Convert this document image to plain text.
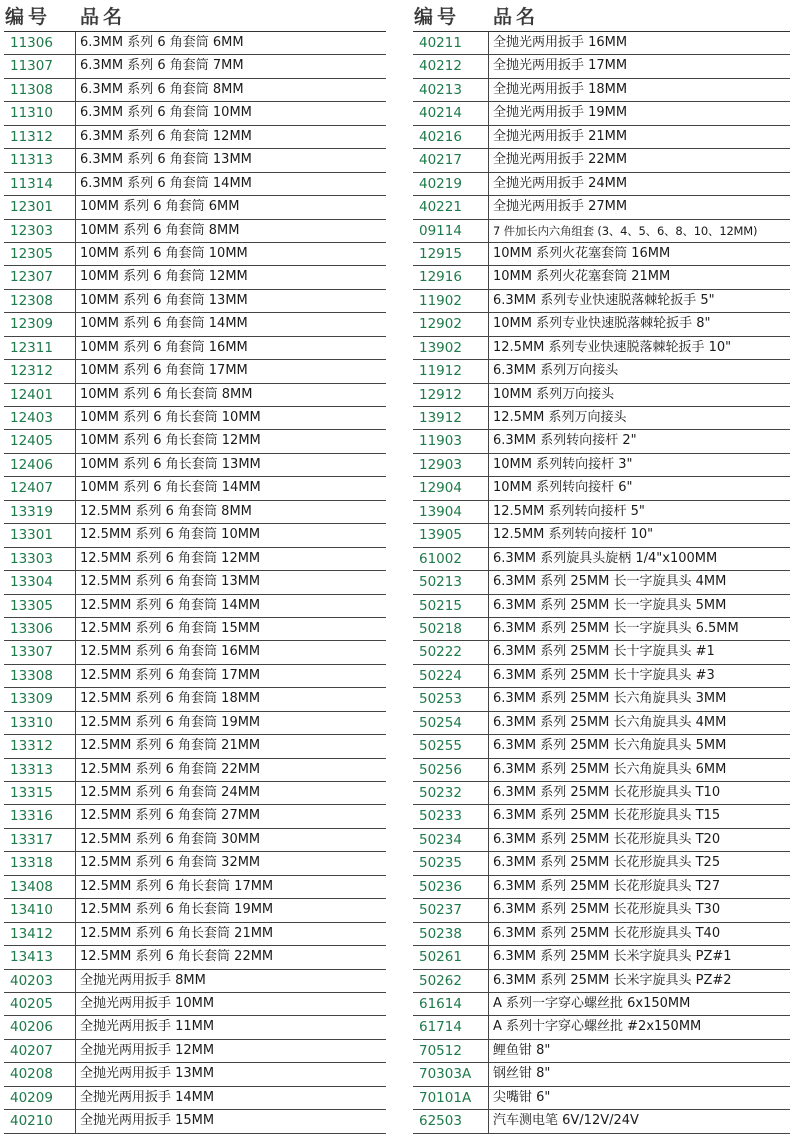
编号	品名
11306	6.3MM 系列 6 角套筒 6MM
11307	6.3MM 系列 6 角套筒 7MM
11308	6.3MM 系列 6 角套筒 8MM
11310	6.3MM 系列 6 角套筒 10MM
11312	6.3MM 系列 6 角套筒 12MM
11313	6.3MM 系列 6 角套筒 13MM
11314	6.3MM 系列 6 角套筒 14MM
12301	10MM 系列 6 角套筒 6MM
12303	10MM 系列 6 角套筒 8MM
12305	10MM 系列 6 角套筒 10MM
12307	10MM 系列 6 角套筒 12MM
12308	10MM 系列 6 角套筒 13MM
12309	10MM 系列 6 角套筒 14MM
12311	10MM 系列 6 角套筒 16MM
12312	10MM 系列 6 角套筒 17MM
12401	10MM 系列 6 角长套筒 8MM
12403	10MM 系列 6 角长套筒 10MM
12405	10MM 系列 6 角长套筒 12MM
12406	10MM 系列 6 角长套筒 13MM
12407	10MM 系列 6 角长套筒 14MM
13319	12.5MM 系列 6 角套筒 8MM
13301	12.5MM 系列 6 角套筒 10MM
13303	12.5MM 系列 6 角套筒 12MM
13304	12.5MM 系列 6 角套筒 13MM
13305	12.5MM 系列 6 角套筒 14MM
13306	12.5MM 系列 6 角套筒 15MM
13307	12.5MM 系列 6 角套筒 16MM
13308	12.5MM 系列 6 角套筒 17MM
13309	12.5MM 系列 6 角套筒 18MM
13310	12.5MM 系列 6 角套筒 19MM
13312	12.5MM 系列 6 角套筒 21MM
13313	12.5MM 系列 6 角套筒 22MM
13315	12.5MM 系列 6 角套筒 24MM
13316	12.5MM 系列 6 角套筒 27MM
13317	12.5MM 系列 6 角套筒 30MM
13318	12.5MM 系列 6 角套筒 32MM
13408	12.5MM 系列 6 角长套筒 17MM
13410	12.5MM 系列 6 角长套筒 19MM
13412	12.5MM 系列 6 角长套筒 21MM
13413	12.5MM 系列 6 角长套筒 22MM
40203	全抛光两用扳手 8MM
40205	全抛光两用扳手 10MM
40206	全抛光两用扳手 11MM
40207	全抛光两用扳手 12MM
40208	全抛光两用扳手 13MM
40209	全抛光两用扳手 14MM
40210	全抛光两用扳手 15MM
编号	品名
40211	全抛光两用扳手 16MM
40212	全抛光两用扳手 17MM
40213	全抛光两用扳手 18MM
40214	全抛光两用扳手 19MM
40216	全抛光两用扳手 21MM
40217	全抛光两用扳手 22MM
40219	全抛光两用扳手 24MM
40221	全抛光两用扳手 27MM
09114	7 件加长内六角组套 (3、4、5、6、8、10、12MM)
12915	10MM 系列火花塞套筒 16MM
12916	10MM 系列火花塞套筒 21MM
11902	6.3MM 系列专业快速脱落棘轮扳手 5"
12902	10MM 系列专业快速脱落棘轮扳手 8"
13902	12.5MM 系列专业快速脱落棘轮扳手 10"
11912	6.3MM 系列万向接头
12912	10MM 系列万向接头
13912	12.5MM 系列万向接头
11903	6.3MM 系列转向接杆 2"
12903	10MM 系列转向接杆 3"
12904	10MM 系列转向接杆 6"
13904	12.5MM 系列转向接杆 5"
13905	12.5MM 系列转向接杆 10"
61002	6.3MM 系列旋具头旋柄 1/4"x100MM
50213	6.3MM 系列 25MM 长一字旋具头 4MM
50215	6.3MM 系列 25MM 长一字旋具头 5MM
50218	6.3MM 系列 25MM 长一字旋具头 6.5MM
50222	6.3MM 系列 25MM 长十字旋具头 #1
50224	6.3MM 系列 25MM 长十字旋具头 #3
50253	6.3MM 系列 25MM 长六角旋具头 3MM
50254	6.3MM 系列 25MM 长六角旋具头 4MM
50255	6.3MM 系列 25MM 长六角旋具头 5MM
50256	6.3MM 系列 25MM 长六角旋具头 6MM
50232	6.3MM 系列 25MM 长花形旋具头 T10
50233	6.3MM 系列 25MM 长花形旋具头 T15
50234	6.3MM 系列 25MM 长花形旋具头 T20
50235	6.3MM 系列 25MM 长花形旋具头 T25
50236	6.3MM 系列 25MM 长花形旋具头 T27
50237	6.3MM 系列 25MM 长花形旋具头 T30
50238	6.3MM 系列 25MM 长花形旋具头 T40
50261	6.3MM 系列 25MM 长米字旋具头 PZ#1
50262	6.3MM 系列 25MM 长米字旋具头 PZ#2
61614	A 系列一字穿心螺丝批 6x150MM
61714	A 系列十字穿心螺丝批 #2x150MM
70512	鲤鱼钳 8"
70303A	钢丝钳 8"
70101A	尖嘴钳 6"
62503	汽车测电笔 6V/12V/24V
